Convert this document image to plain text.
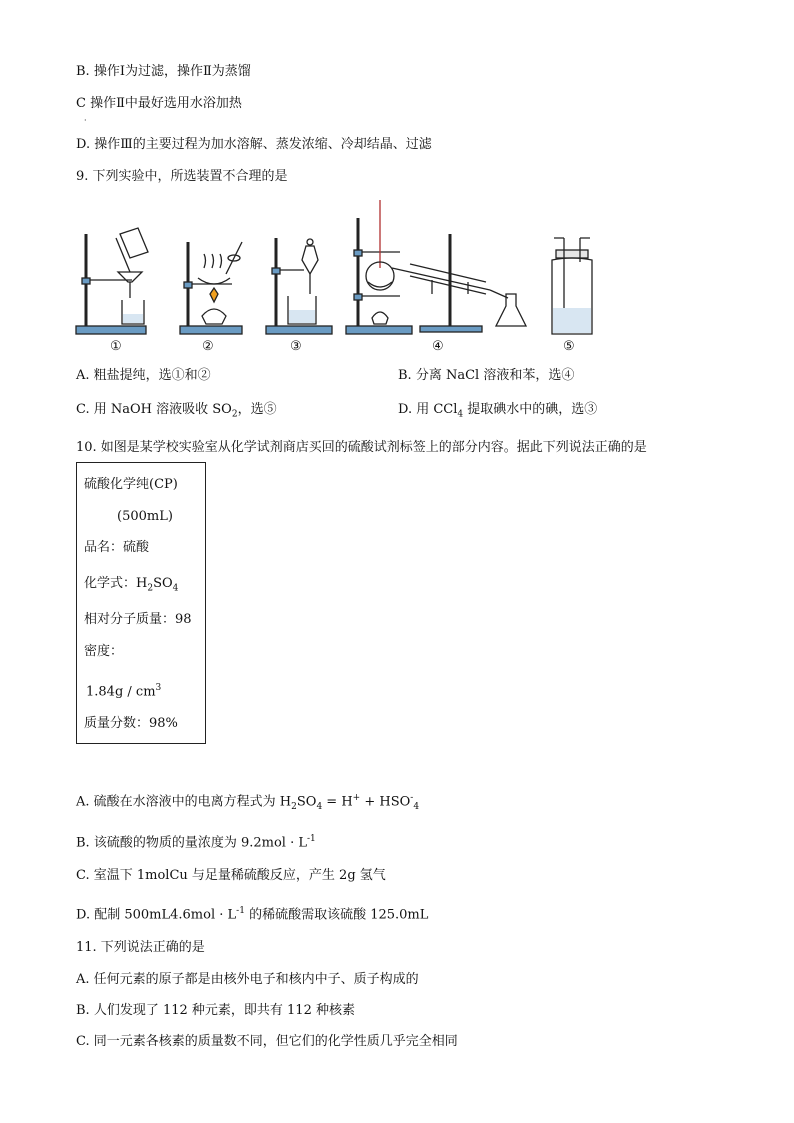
B. 操作Ⅰ为过滤，操作Ⅱ为蒸馏
C 操作Ⅱ中最好选用水浴加热
·
D. 操作Ⅲ的主要过程为加水溶解、蒸发浓缩、冷却结晶、过滤
9. 下列实验中，所选装置不合理的是
①	②	③	④	⑤
A. 粗盐提纯，选①和②	B. 分离 NaCl 溶液和苯，选④
C. 用 NaOH 溶液吸收 $SO_2$，选⑤	D. 用 CCl$_4$ 提取碘水中的碘，选③
10. 如图是某学校实验室从化学试剂商店买回的硫酸试剂标签上的部分内容。据此下列说法正确的是
硫酸化学纯(CP)
(500mL)
品名：硫酸
化学式：$H_2SO_4$
相对分子质量：98
密度：
$1.84g / cm^3$
质量分数：98%
A. 硫酸在水溶液中的电离方程式为 $H_2SO_4 = H^+ + HSO^-_4$
B. 该硫酸的物质的量浓度为 $9.2mol \cdot L^{-1}$
C. 室温下 1molCu 与足量稀硫酸反应，产生 2g 氢气
D. 配制 $500mL4.6mol \cdot L^{-1}$ 的稀硫酸需取该硫酸 125.0mL
11. 下列说法正确的是
A. 任何元素的原子都是由核外电子和核内中子、质子构成的
B. 人们发现了 112 种元素，即共有 112 种核素
C. 同一元素各核素的质量数不同，但它们的化学性质几乎完全相同
